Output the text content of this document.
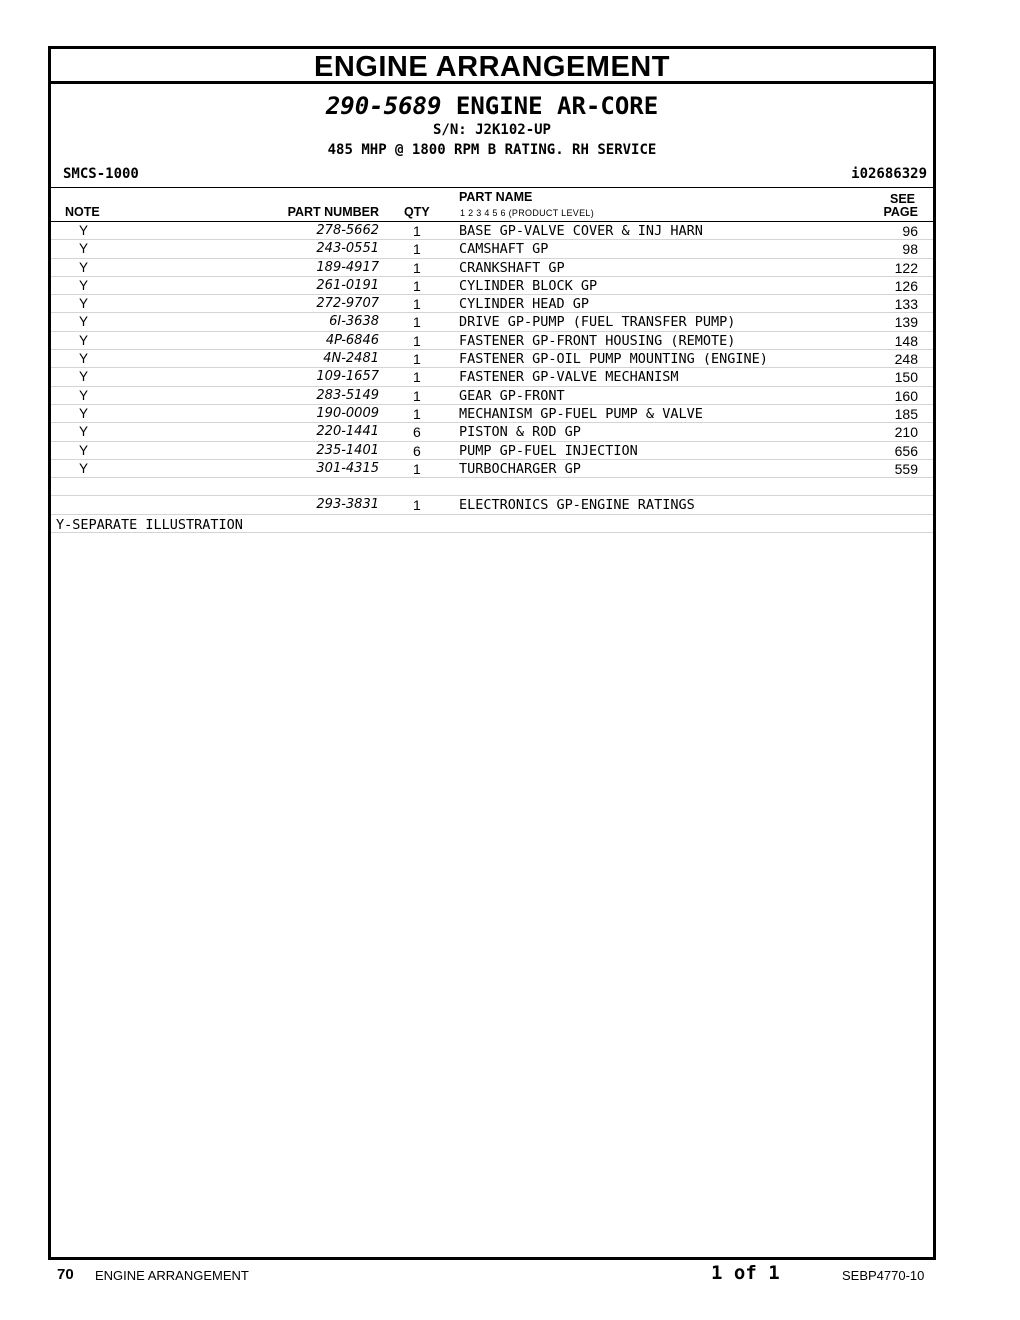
ENGINE ARRANGEMENT
290-5689 ENGINE AR-CORE
S/N: J2K102-UP
485 MHP @ 1800 RPM B RATING. RH SERVICE
SMCS-1000	i02686329
NOTE	PART NUMBER QTY
PART NAME
1 2 3 4 5 6 (PRODUCT LEVEL)
SEE
PAGE
Y	278-5662 1	BASE GP-VALVE COVER & INJ HARN	96
Y	243-0551 1	CAMSHAFT GP	98
Y	189-4917 1	CRANKSHAFT GP	122
Y	261-0191 1	CYLINDER BLOCK GP	126
Y	272-9707 1	CYLINDER HEAD GP	133
Y	6I-3638 1	DRIVE GP-PUMP (FUEL TRANSFER PUMP)	139
Y	4P-6846 1	FASTENER GP-FRONT HOUSING (REMOTE)	148
Y	4N-2481 1	FASTENER GP-OIL PUMP MOUNTING (ENGINE)	248
Y	109-1657 1	FASTENER GP-VALVE MECHANISM	150
Y	283-5149 1	GEAR GP-FRONT	160
Y	190-0009 1	MECHANISM GP-FUEL PUMP & VALVE	185
Y	220-1441 6	PISTON & ROD GP	210
Y	235-1401 6	PUMP GP-FUEL INJECTION	656
Y	301-4315 1	TURBOCHARGER GP	559
293-3831 1	ELECTRONICS GP-ENGINE RATINGS
Y-SEPARATE ILLUSTRATION
70 ENGINE ARRANGEMENT	1 of 1	SEBP4770-10
